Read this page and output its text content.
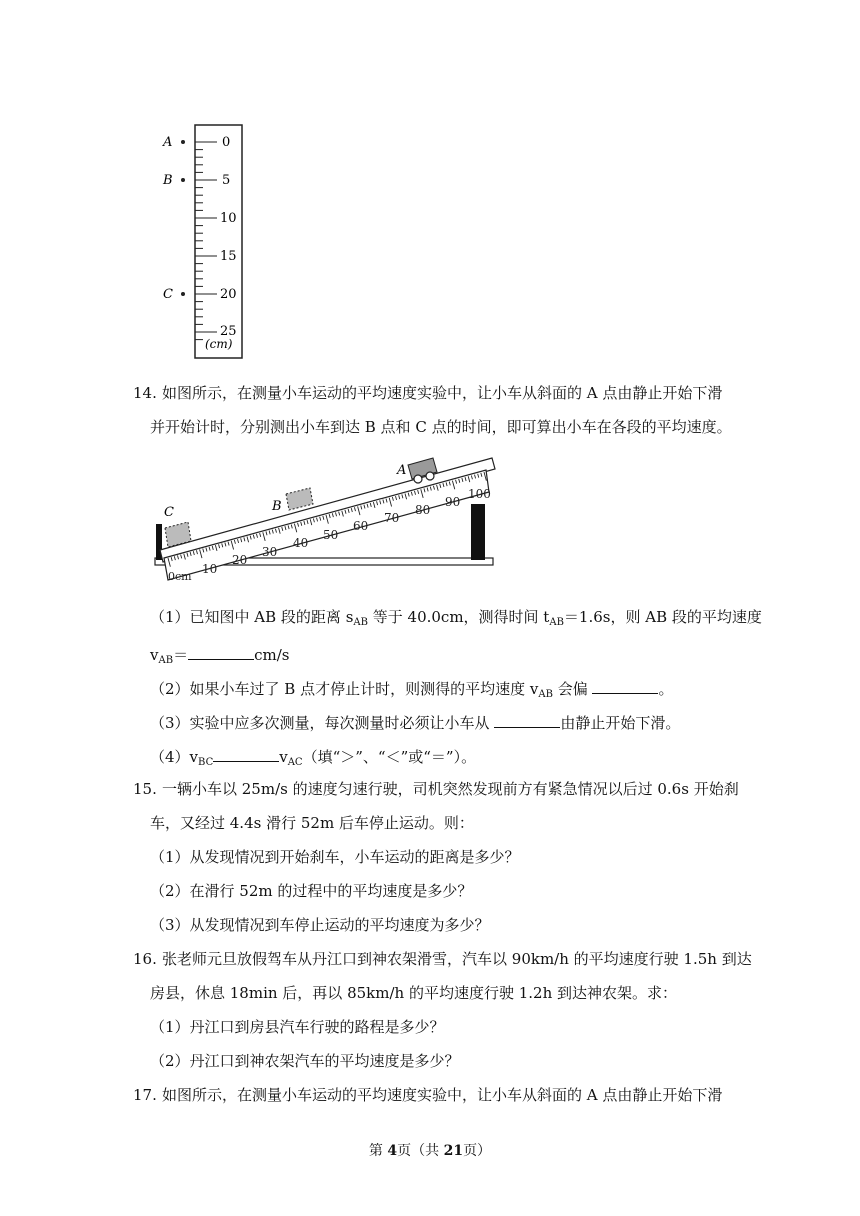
A
B
C
0
5
10
15
20
25
(cm)
14. 如图所示，在测量小车运动的平均速度实验中，让小车从斜面的 A 点由静止开始下滑
并开始计时，分别测出小车到达 B 点和 C 点的时间，即可算出小车在各段的平均速度。
0cm
10
20
30
40
50
60
70
80
90
100
A
B
C
（1）已知图中 AB 段的距离 $s_{AB}$ 等于 40.0cm，测得时间 $t_{AB}=1.6s$，则 AB 段的平均速度
$v_{AB}=$	cm/s
（2）如果小车过了 B 点才停止计时，则测得的平均速度 $v_{AB}$ 会偏	。
（3）实验中应多次测量，每次测量时必须让小车从	由静止开始下滑。
$(4)v_{BC}$	$v_{AC}$（填“＞”、“＜”或“＝”）。
15. 一辆小车以 25m/s 的速度匀速行驶，司机突然发现前方有紧急情况以后过 0.6s 开始刹
车，又经过 4.4s 滑行 52m 后车停止运动。则：
（1）从发现情况到开始刹车，小车运动的距离是多少？
（2）在滑行 52m 的过程中的平均速度是多少？
（3）从发现情况到车停止运动的平均速度为多少？
16. 张老师元旦放假驾车从丹江口到神农架滑雪，汽车以 90km/h 的平均速度行驶 1.5h 到达
房县，休息 18min 后，再以 85km/h 的平均速度行驶 1.2h 到达神农架。求：
（1）丹江口到房县汽车行驶的路程是多少？
（2）丹江口到神农架汽车的平均速度是多少？
17. 如图所示，在测量小车运动的平均速度实验中，让小车从斜面的 A 点由静止开始下滑
第 4页（共 21页）
